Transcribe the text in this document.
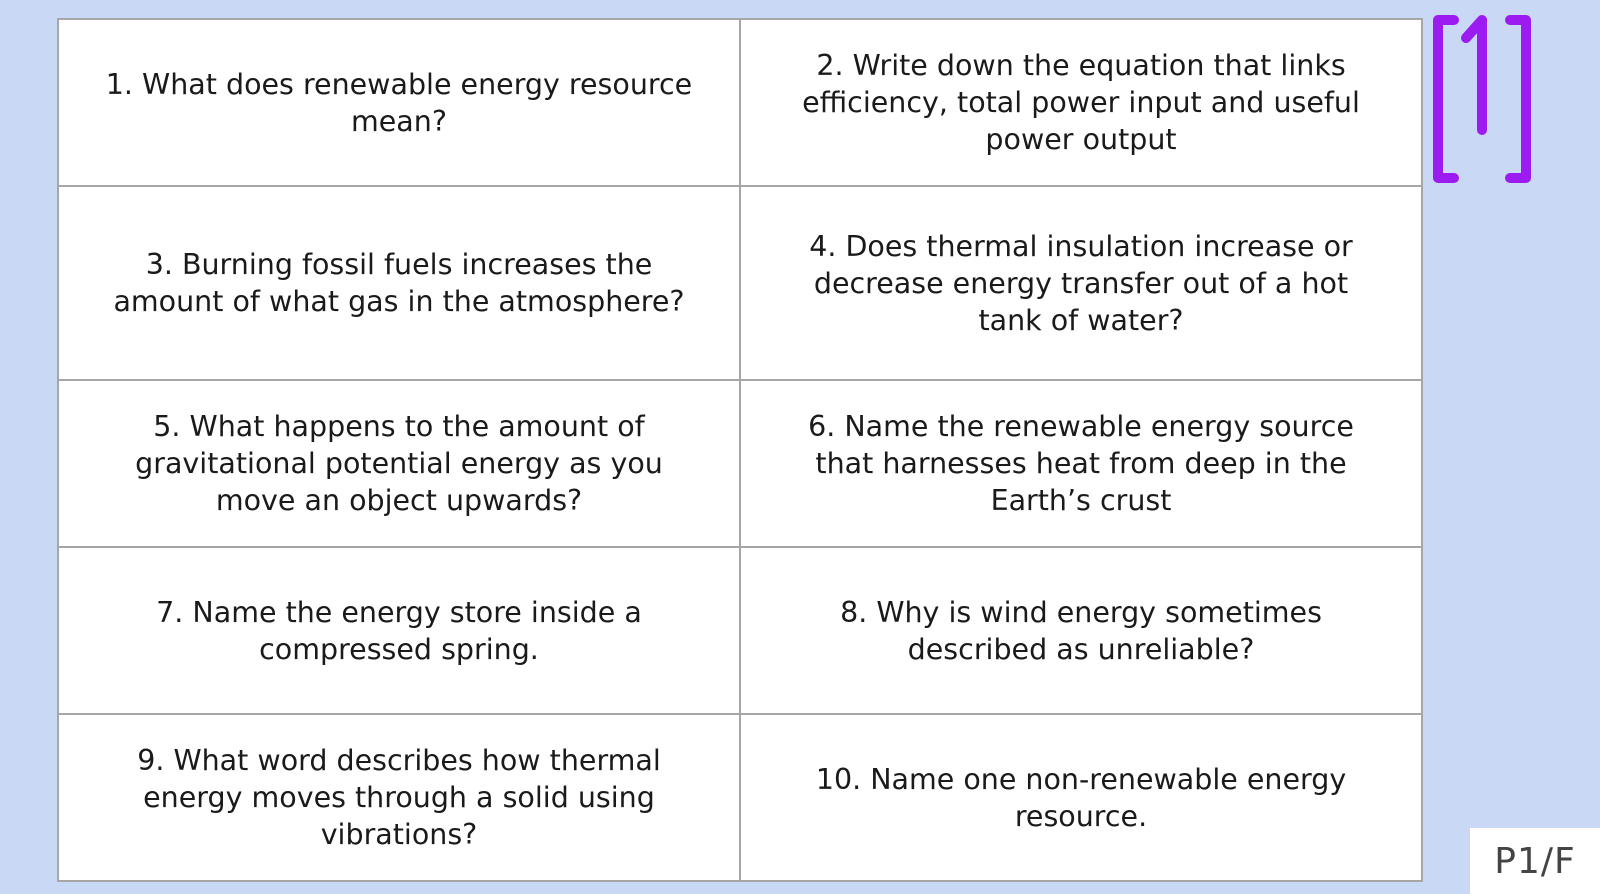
1. What does renewable energy resource
mean?	2. Write down the equation that links
efficiency, total power input and useful
power output
3. Burning fossil fuels increases the
amount of what gas in the atmosphere?	4. Does thermal insulation increase or
decrease energy transfer out of a hot
tank of water?
5. What happens to the amount of
gravitational potential energy as you
move an object upwards?	6. Name the renewable energy source
that harnesses heat from deep in the
Earth’s crust
7. Name the energy store inside a
compressed spring.	8. Why is wind energy sometimes
described as unreliable?
9. What word describes how thermal
energy moves through a solid using
vibrations?	10. Name one non-renewable energy
resource.
[1]
P1/F
